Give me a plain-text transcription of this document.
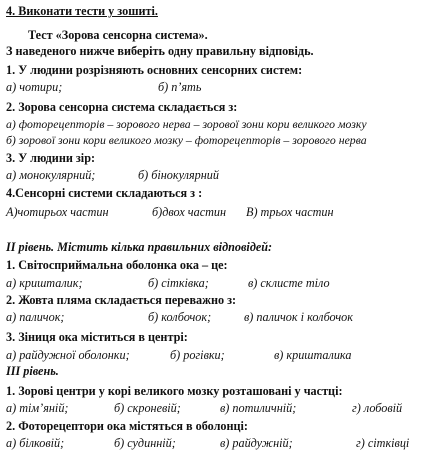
4. Виконати тести у зошиті.
Тест «Зорова сенсорна система».
З наведеного нижче виберіть одну правильну відповідь.
1. У людини розрізняють основних сенсорних систем:
а) чотири;	б) п’ять
2. Зорова сенсорна система складається з:
а) фоторецепторів – зорового нерва – зорової зони кори великого мозку
б) зорової зони кори великого мозку – фоторецепторів – зорового нерва
3. У людини зір:
а) монокулярний;	б) бінокулярний
4.Сенсорні системи складаються з :
А)чотирьох частин	б)двох частин В) трьох частин
ІІ рівень. Містить кілька правильних відповідей:
1. Світосприймальна оболонка ока – це:
а) кришталик;	б) сітківка;	в) склисте тіло
2. Жовта пляма складається переважно з:
а) паличок;	б) колбочок;	в) паличок і колбочок
3. Зіниця ока міститься в центрі:
а) райдужної оболонки;	б) рогівки;	в) кришталика
ІІІ рівень.
1. Зорові центри у корі великого мозку розташовані у частці:
а) тім’яній;	б) скроневій;	в) потиличній;	г) лобовій
2. Фоторецептори ока містяться в оболонці:
а) білковій;	б) судинній;	в) райдужній;	г) сітківці
